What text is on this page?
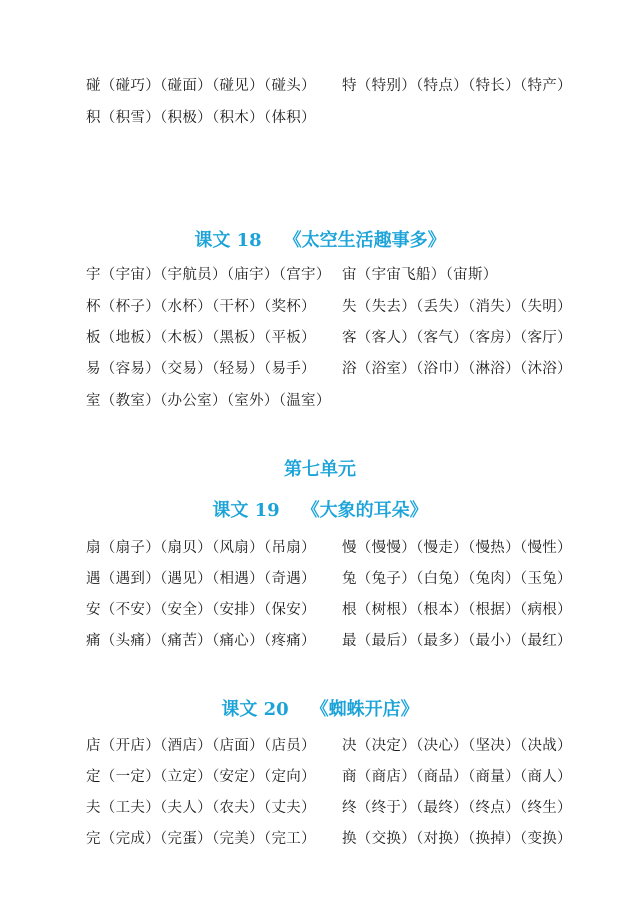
碰（碰巧）（碰面）（碰见）（碰头） 特（特别）（特点）（特长）（特产）
积（积雪）（积极）（积木）（体积）
课文 18 《太空生活趣事多》
宇（宇宙）（宇航员）（庙宇）（宫宇） 宙（宇宙飞船）（宙斯）
杯（杯子）（水杯）（干杯）（奖杯） 失（失去）（丢失）（消失）（失明）
板（地板）（木板）（黑板）（平板） 客（客人）（客气）（客房）（客厅）
易（容易）（交易）（轻易）（易手） 浴（浴室）（浴巾）（淋浴）（沐浴）
室（教室）（办公室）（室外）（温室）
第七单元
课文 19 《大象的耳朵》
扇（扇子）（扇贝）（风扇）（吊扇） 慢（慢慢）（慢走）（慢热）（慢性）
遇（遇到）（遇见）（相遇）（奇遇） 兔（兔子）（白兔）（兔肉）（玉兔）
安（不安）（安全）（安排）（保安） 根（树根）（根本）（根据）（病根）
痛（头痛）（痛苦）（痛心）（疼痛） 最（最后）（最多）（最小）（最红）
课文 20 《蜘蛛开店》
店（开店）（酒店）（店面）（店员） 决（决定）（决心）（坚决）（决战）
定（一定）（立定）（安定）（定向） 商（商店）（商品）（商量）（商人）
夫（工夫）（夫人）（农夫）（丈夫） 终（终于）（最终）（终点）（终生）
完（完成）（完蛋）（完美）（完工） 换（交换）（对换）（换掉）（变换）
